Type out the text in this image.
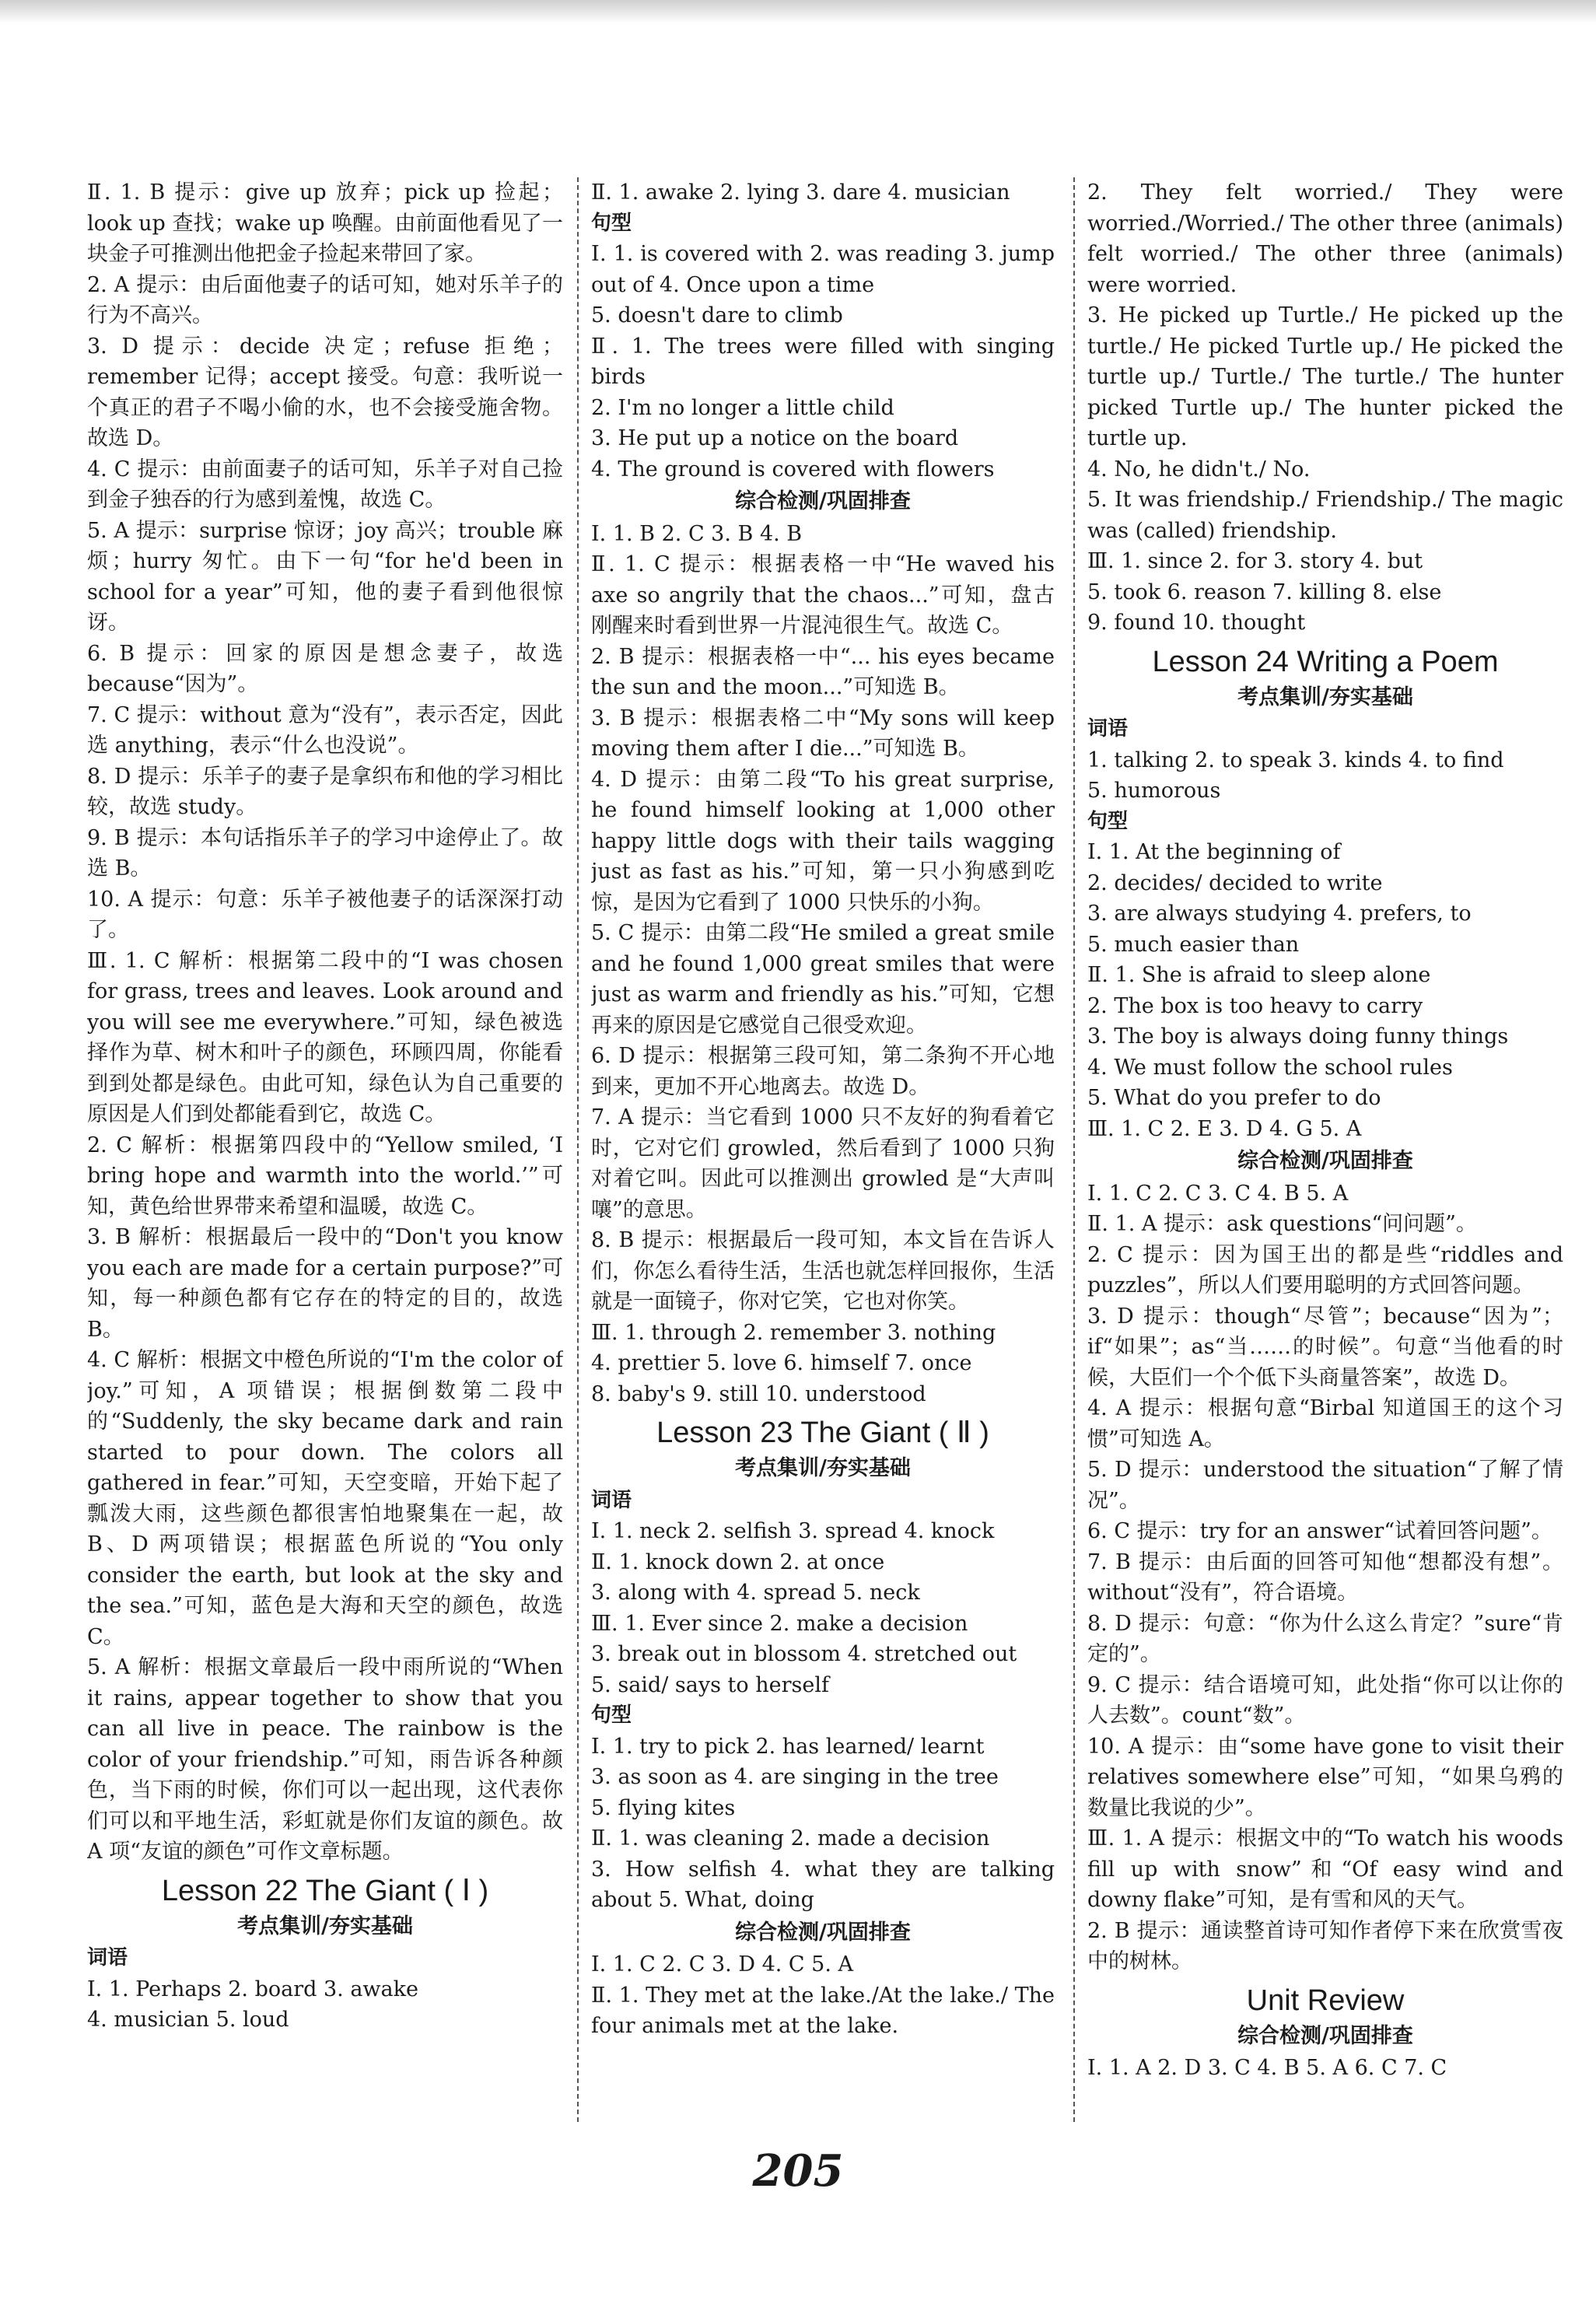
Ⅱ. 1. B 提示：give up 放弃；pick up 捡起；look up 查找；wake up 唤醒。由前面他看见了一块金子可推测出他把金子捡起来带回了家。

2. A 提示：由后面他妻子的话可知，她对乐羊子的行为不高兴。

3. D 提示：decide 决定；refuse 拒绝；remember 记得；accept 接受。句意：我听说一个真正的君子不喝小偷的水，也不会接受施舍物。故选 D。

4. C 提示：由前面妻子的话可知，乐羊子对自己捡到金子独吞的行为感到羞愧，故选 C。

5. A 提示：surprise 惊讶；joy 高兴；trouble 麻烦；hurry 匆忙。由下一句“for he'd been in school for a year”可知，他的妻子看到他很惊讶。

6. B 提示：回家的原因是想念妻子，故选 because“因为”。

7. C 提示：without 意为“没有”，表示否定，因此选 anything，表示“什么也没说”。

8. D 提示：乐羊子的妻子是拿织布和他的学习相比较，故选 study。

9. B 提示：本句话指乐羊子的学习中途停止了。故选 B。

10. A 提示：句意：乐羊子被他妻子的话深深打动了。

Ⅲ. 1. C 解析：根据第二段中的“I was chosen for grass, trees and leaves. Look around and you will see me everywhere.”可知，绿色被选择作为草、树木和叶子的颜色，环顾四周，你能看到到处都是绿色。由此可知，绿色认为自己重要的原因是人们到处都能看到它，故选 C。

2. C 解析：根据第四段中的“Yellow smiled, ‘I bring hope and warmth into the world.’”可知，黄色给世界带来希望和温暖，故选 C。

3. B 解析：根据最后一段中的“Don't you know you each are made for a certain purpose?”可知，每一种颜色都有它存在的特定的目的，故选 B。

4. C 解析：根据文中橙色所说的“I'm the color of joy.”可知，A 项错误；根据倒数第二段中的“Suddenly, the sky became dark and rain started to pour down. The colors all gathered in fear.”可知，天空变暗，开始下起了瓢泼大雨，这些颜色都很害怕地聚集在一起，故 B、D 两项错误；根据蓝色所说的“You only consider the earth, but look at the sky and the sea.”可知，蓝色是大海和天空的颜色，故选 C。

5. A 解析：根据文章最后一段中雨所说的“When it rains, appear together to show that you can all live in peace. The rainbow is the color of your friendship.”可知，雨告诉各种颜色，当下雨的时候，你们可以一起出现，这代表你们可以和平地生活，彩虹就是你们友谊的颜色。故 A 项“友谊的颜色”可作文章标题。

Lesson 22 The Giant ( Ⅰ )

考点集训/夯实基础

词语

Ⅰ. 1. Perhaps 2. board 3. awake

4. musician 5. loud

Ⅱ. 1. awake 2. lying 3. dare 4. musician

句型

Ⅰ. 1. is covered with 2. was reading 3. jump out of 4. Once upon a time

5. doesn't dare to climb

Ⅱ. 1. The trees were filled with singing birds

2. I'm no longer a little child

3. He put up a notice on the board

4. The ground is covered with flowers

综合检测/巩固排查

Ⅰ. 1. B 2. C 3. B 4. B

Ⅱ. 1. C 提示：根据表格一中“He waved his axe so angrily that the chaos...”可知，盘古刚醒来时看到世界一片混沌很生气。故选 C。

2. B 提示：根据表格一中“... his eyes became the sun and the moon...”可知选 B。

3. B 提示：根据表格二中“My sons will keep moving them after I die...”可知选 B。

4. D 提示：由第二段“To his great surprise, he found himself looking at 1,000 other happy little dogs with their tails wagging just as fast as his.”可知，第一只小狗感到吃惊，是因为它看到了 1000 只快乐的小狗。

5. C 提示：由第二段“He smiled a great smile and he found 1,000 great smiles that were just as warm and friendly as his.”可知，它想再来的原因是它感觉自己很受欢迎。

6. D 提示：根据第三段可知，第二条狗不开心地到来，更加不开心地离去。故选 D。

7. A 提示：当它看到 1000 只不友好的狗看着它时，它对它们 growled，然后看到了 1000 只狗对着它叫。因此可以推测出 growled 是“大声叫嚷”的意思。

8. B 提示：根据最后一段可知，本文旨在告诉人们，你怎么看待生活，生活也就怎样回报你，生活就是一面镜子，你对它笑，它也对你笑。

Ⅲ. 1. through 2. remember 3. nothing

4. prettier 5. love 6. himself 7. once

8. baby's 9. still 10. understood

Lesson 23 The Giant ( Ⅱ )

考点集训/夯实基础

词语

Ⅰ. 1. neck 2. selfish 3. spread 4. knock

Ⅱ. 1. knock down 2. at once

3. along with 4. spread 5. neck

Ⅲ. 1. Ever since 2. make a decision

3. break out in blossom 4. stretched out

5. said/ says to herself

句型

Ⅰ. 1. try to pick 2. has learned/ learnt

3. as soon as 4. are singing in the tree

5. flying kites

Ⅱ. 1. was cleaning 2. made a decision

3. How selfish 4. what they are talking about 5. What, doing

综合检测/巩固排查

Ⅰ. 1. C 2. C 3. D 4. C 5. A

Ⅱ. 1. They met at the lake./At the lake./ The four animals met at the lake.

2. They felt worried./ They were worried./Worried./ The other three (animals) felt worried./ The other three (animals) were worried.

3. He picked up Turtle./ He picked up the turtle./ He picked Turtle up./ He picked the turtle up./ Turtle./ The turtle./ The hunter picked Turtle up./ The hunter picked the turtle up.

4. No, he didn't./ No.

5. It was friendship./ Friendship./ The magic was (called) friendship.

Ⅲ. 1. since 2. for 3. story 4. but

5. took 6. reason 7. killing 8. else

9. found 10. thought

Lesson 24 Writing a Poem

考点集训/夯实基础

词语

1. talking 2. to speak 3. kinds 4. to find

5. humorous

句型

Ⅰ. 1. At the beginning of

2. decides/ decided to write

3. are always studying 4. prefers, to

5. much easier than

Ⅱ. 1. She is afraid to sleep alone

2. The box is too heavy to carry

3. The boy is always doing funny things

4. We must follow the school rules

5. What do you prefer to do

Ⅲ. 1. C 2. E 3. D 4. G 5. A

综合检测/巩固排查

Ⅰ. 1. C 2. C 3. C 4. B 5. A

Ⅱ. 1. A 提示：ask questions“问问题”。

2. C 提示：因为国王出的都是些“riddles and puzzles”，所以人们要用聪明的方式回答问题。

3. D 提示：though“尽管”；because“因为”；if“如果”；as“当……的时候”。句意“当他看的时候，大臣们一个个低下头商量答案”，故选 D。

4. A 提示：根据句意“Birbal 知道国王的这个习惯”可知选 A。

5. D 提示：understood the situation“了解了情况”。

6. C 提示：try for an answer“试着回答问题”。

7. B 提示：由后面的回答可知他“想都没有想”。without“没有”，符合语境。

8. D 提示：句意：“你为什么这么肯定？”sure“肯定的”。

9. C 提示：结合语境可知，此处指“你可以让你的人去数”。count“数”。

10. A 提示：由“some have gone to visit their relatives somewhere else”可知，“如果乌鸦的数量比我说的少”。

Ⅲ. 1. A 提示：根据文中的“To watch his woods fill up with snow”和“Of easy wind and downy flake”可知，是有雪和风的天气。

2. B 提示：通读整首诗可知作者停下来在欣赏雪夜中的树林。

Unit Review

综合检测/巩固排查

Ⅰ. 1. A 2. D 3. C 4. B 5. A 6. C 7. C

205
